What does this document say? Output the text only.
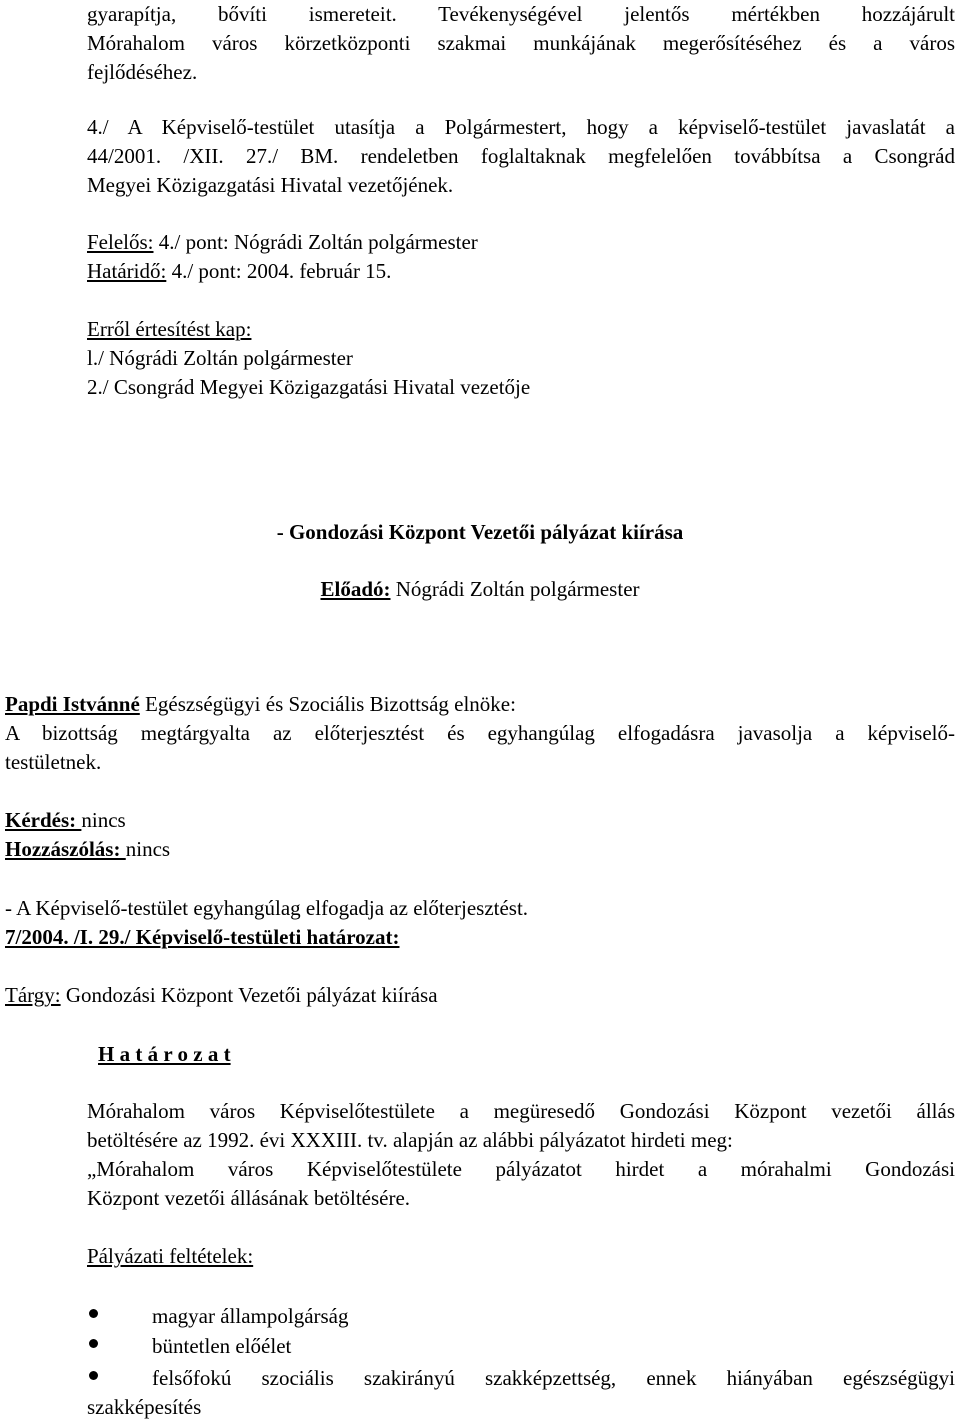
gyarapítja, bővíti ismereteit. Tevékenységével jelentős mértékben hozzájárult
Mórahalom város körzetközponti szakmai munkájának megerősítéséhez és a város
fejlődéséhez.
4./ A Képviselő-testület utasítja a Polgármestert, hogy a képviselő-testület javaslatát a
44/2001. /XII. 27./ BM. rendeletben foglaltaknak megfelelően továbbítsa a Csongrád
Megyei Közigazgatási Hivatal vezetőjének.
Felelős: 4./ pont: Nógrádi Zoltán polgármester
Határidő: 4./ pont: 2004. február 15.
Erről értesítést kap:
l./ Nógrádi Zoltán polgármester
2./ Csongrád Megyei Közigazgatási Hivatal vezetője
- Gondozási Központ Vezetői pályázat kiírása
Előadó: Nógrádi Zoltán polgármester
Papdi Istvánné Egészségügyi és Szociális Bizottság elnöke:
A bizottság megtárgyalta az előterjesztést és egyhangúlag elfogadásra javasolja a képviselő-
testületnek.
Kérdés: nincs
Hozzászólás: nincs
- A Képviselő-testület egyhangúlag elfogadja az előterjesztést.
7/2004. /I. 29./ Képviselő-testületi határozat:
Tárgy: Gondozási Központ Vezetői pályázat kiírása
H a t á r o z a t
Mórahalom város Képviselőtestülete a megüresedő Gondozási Központ vezetői állás
betöltésére az 1992. évi XXXIII. tv. alapján az alábbi pályázatot hirdeti meg:
„Mórahalom város Képviselőtestülete pályázatot hirdet a mórahalmi Gondozási
Központ vezetői állásának betöltésére.
Pályázati feltételek:
magyar állampolgárság
büntetlen előélet
felsőfokú szociális szakirányú szakképzettség, ennek hiányában egészségügyi
szakképesítés
